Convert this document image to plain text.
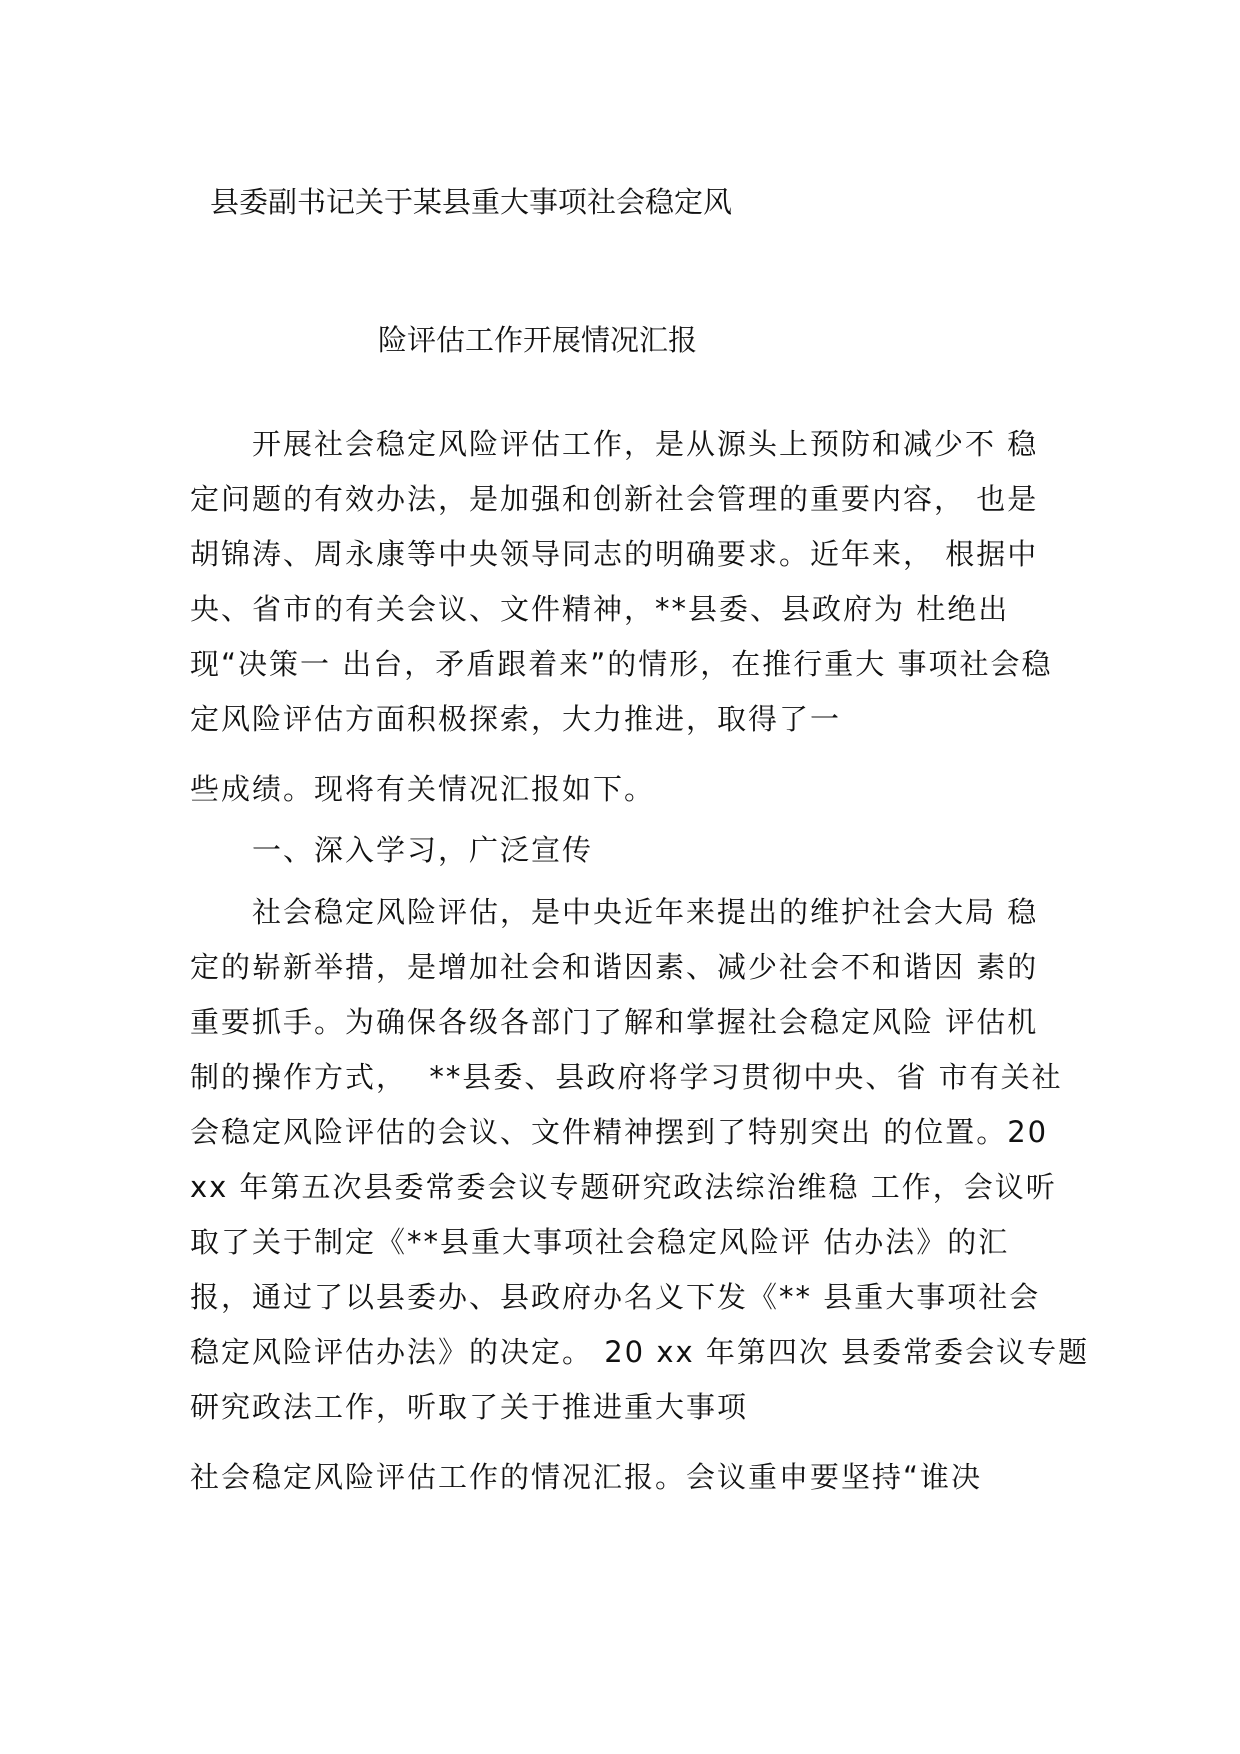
县委副书记关于某县重大事项社会稳定风
险评估工作开展情况汇报
开展社会稳定风险评估工作，是从源头上预防和减少不 稳
定问题的有效办法，是加强和创新社会管理的重要内容， 也是
胡锦涛、周永康等中央领导同志的明确要求。近年来， 根据中
央、省市的有关会议、文件精神，**县委、县政府为 杜绝出
现“决策一 出台，矛盾跟着来”的情形，在推行重大 事项社会稳
定风险评估方面积极探索，大力推进，取得了一
些成绩。现将有关情况汇报如下。
一、深入学习，广泛宣传
社会稳定风险评估，是中央近年来提出的维护社会大局 稳
定的崭新举措，是增加社会和谐因素、减少社会不和谐因 素的
重要抓手。为确保各级各部门了解和掌握社会稳定风险 评估机
制的操作方式，  **县委、县政府将学习贯彻中央、省 市有关社
会稳定风险评估的会议、文件精神摆到了特别突出 的位置。20
xx 年第五次县委常委会议专题研究政法综治维稳 工作，会议听
取了关于制定《**县重大事项社会稳定风险评 估办法》的汇
报，通过了以县委办、县政府办名义下发《** 县重大事项社会
稳定风险评估办法》的决定。 20 xx 年第四次 县委常委会议专题
研究政法工作，听取了关于推进重大事项
社会稳定风险评估工作的情况汇报。会议重申要坚持“谁决
